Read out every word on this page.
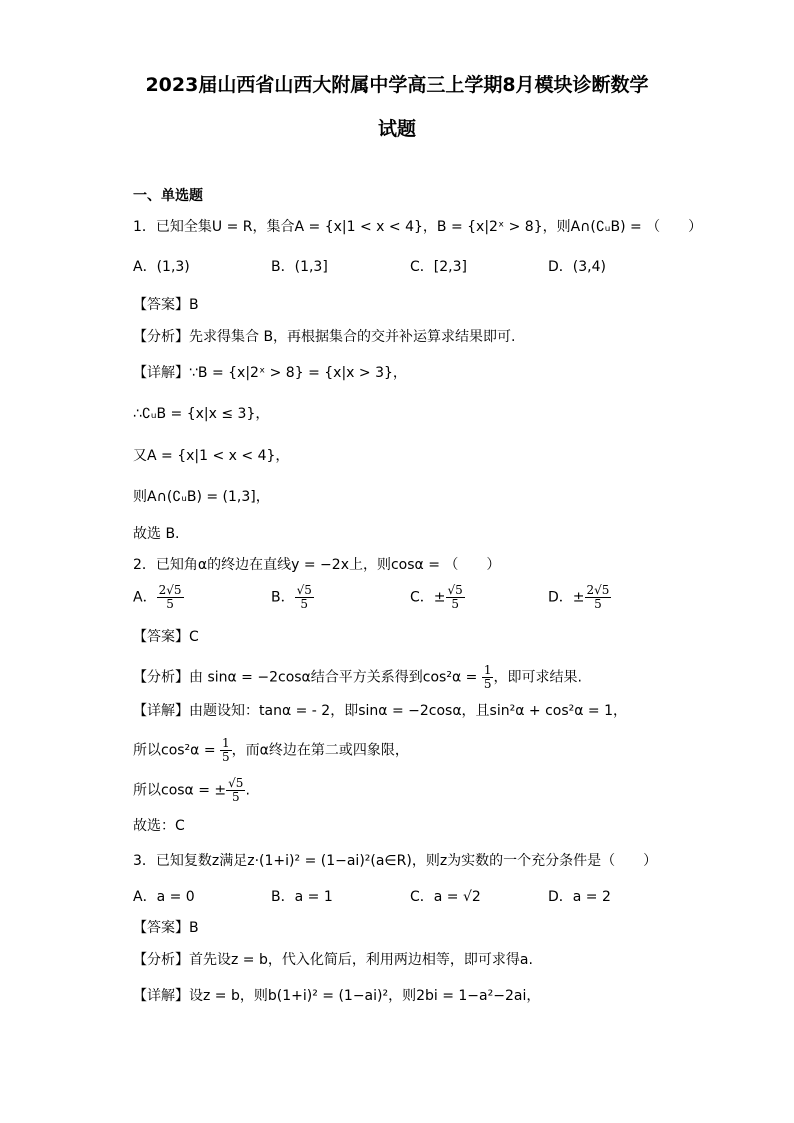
2023届山西省山西大附属中学高三上学期8月模块诊断数学
试题
一、单选题
1．已知全集U = R，集合A = {x|1 < x < 4}，B = {x|2ˣ > 8}，则A∩(∁ᵤB) = （　　）
A．(1,3)	B．(1,3]	C．[2,3]	D．(3,4)
【答案】B
【分析】先求得集合 B，再根据集合的交并补运算求结果即可.
【详解】∵B = {x|2ˣ > 8} = {x|x > 3}，
∴∁ᵤB = {x|x ≤ 3}，
又A = {x|1 < x < 4}，
则A∩(∁ᵤB) = (1,3]，
故选 B.
2．已知角α的终边在直线y = −2x上，则cosα = （　　）
A． $\frac{2√5}{5}$	B． $\frac{√5}{5}$	C．± $\frac{√5}{5}$	D．± $\frac{2√5}{5}$
【答案】C
【分析】由 sinα = −2cosα结合平方关系得到$\cos^2\alpha = \frac{1}{5}$ ，即可求结果.
【详解】由题设知：tanα = - 2，即sinα = −2cosα，且sin²α + cos²α = 1，
所以$\cos^2\alpha = \frac{1}{5}$ ，而α终边在第二或四象限，
所以cosα = ± $\frac{√5}{5}$ .
故选：C
3．已知复数z满足z·(1+i)² = (1−ai)²(a∈R)，则z为实数的一个充分条件是（　　）
A．a = 0	B．a = 1	C．a = √2	D．a = 2
【答案】B
【分析】首先设z = b，代入化简后，利用两边相等，即可求得a.
【详解】设z = b，则b(1+i)² = (1−ai)²，则2bi = 1−a²−2ai，
